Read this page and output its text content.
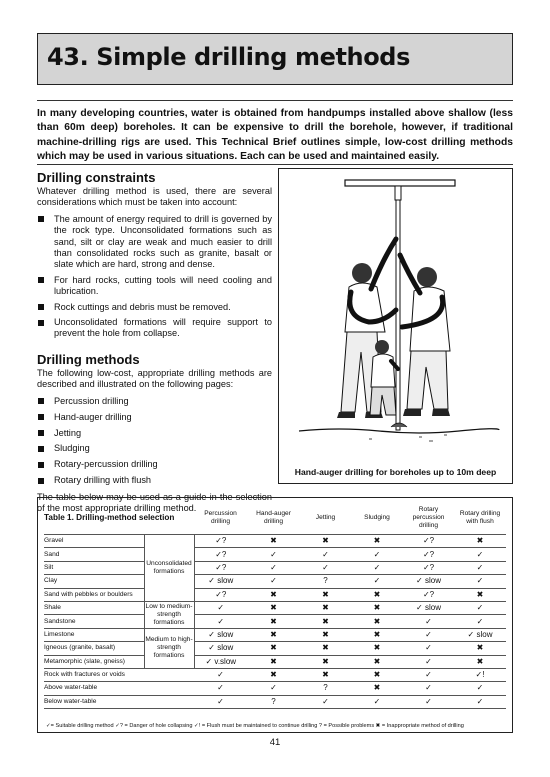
43. Simple drilling methods

In many developing countries, water is obtained from handpumps installed above shallow (less than 60m deep) boreholes. It can be expensive to drill the borehole, however, if traditional machine-drilling rigs are used. This Technical Brief outlines simple, low-cost drilling methods which may be used in various situations. Each can be used and maintained easily.

Drilling constraints

Whatever drilling method is used, there are several considerations which must be taken into account:

The amount of energy required to drill is governed by the rock type. Unconsolidated formations such as sand, silt or clay are weak and much easier to drill than consolidated rocks such as granite, basalt or slate which are hard, strong and dense.
For hard rocks, cutting tools will need cooling and lubrication.
Rock cuttings and debris must be removed.
Unconsolidated formations will require support to prevent the hole from collapse.
Drilling methods

The following low-cost, appropriate drilling methods are described and illustrated on the following pages:

Percussion drilling
Hand-auger drilling
Jetting
Sludging
Rotary-percussion drilling
Rotary drilling with flush

The table below may be used as a guide in the selection of the most appropriate drilling method.

Hand-auger drilling for boreholes up to 10m deep
Table 1. Drilling-method selection		Percussion drilling	Hand-auger drilling	Jetting	Sludging	Rotary percussion drilling	Rotary drilling with flush
Gravel	Unconsolidated formations	✓?	✖	✖	✖	✓?	✖
Sand		✓?	✓	✓	✓	✓?	✓
Silt		✓?	✓	✓	✓	✓?	✓
Clay		✓ slow	✓	?	✓	✓ slow	✓
Sand with pebbles or boulders		✓?	✖	✖	✖	✓?	✖
Shale	Low to medium-strength formations	✓	✖	✖	✖	✓ slow	✓
Sandstone		✓	✖	✖	✖	✓	✓
Limestone	Medium to high-strength formations	✓ slow	✖	✖	✖	✓	✓ slow
Igneous (granite, basalt)		✓ slow	✖	✖	✖	✓	✖
Metamorphic (slate, gneiss)		✓ v.slow	✖	✖	✖	✓	✖
Rock with fractures or voids		✓	✖	✖	✖	✓	✓!
Above water-table		✓	✓	?	✖	✓	✓
Below water-table		✓	?	✓	✓	✓	✓
✓= Suitable drilling method ✓? = Danger of hole collapsing ✓! = Flush must be maintained to continue drilling ? = Possible problems ✖ = Inappropriate method of drilling
41
